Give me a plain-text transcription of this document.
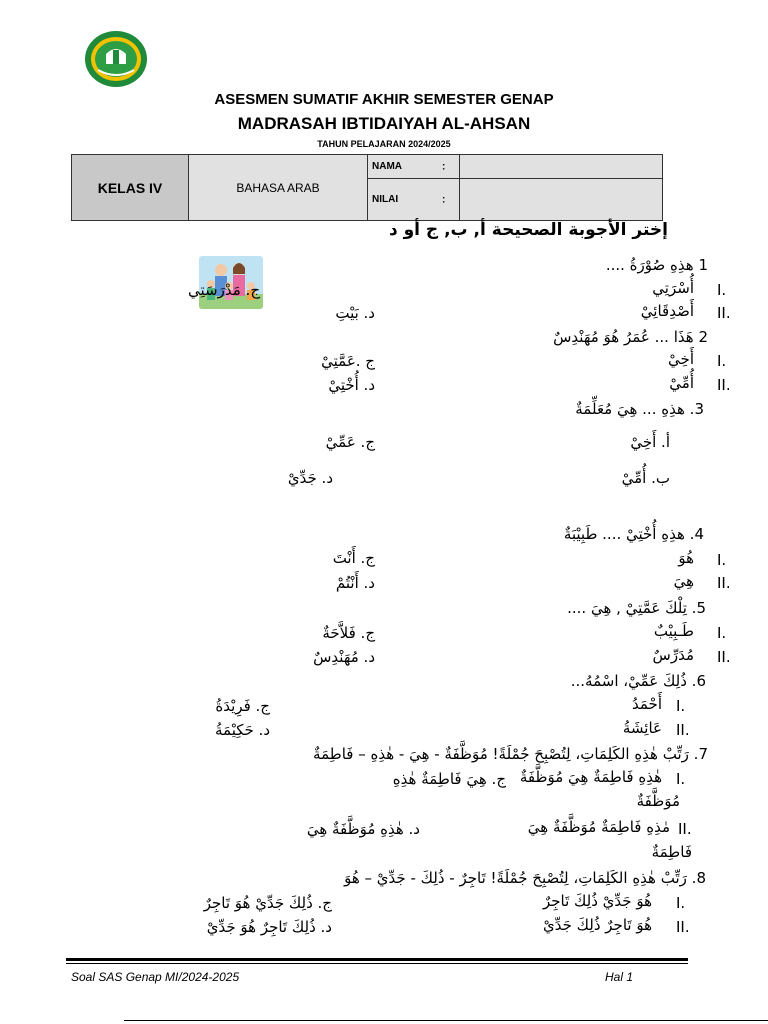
ASESMEN SUMATIF AKHIR SEMESTER GENAP
MADRASAH IBTIDAIYAH AL-AHSAN
TAHUN PELAJARAN 2024/2025
KELAS IV	BAHASA ARAB	NAMA :	

		NILAI :	

إختر الأجوبة الصحيحة أ, ب, ج أو د
1 هذِهِ صُوْرَةُ ....
I.
أُسْرَتِي
ج. مَدْرَسَتِي
II.
أَصْدِقَائِيْ
د. بَيْتِ
2 هَذَا ... عُمَرُ هُوَ مُهَنْدِسٌ
I.
أَخِيْ
ج .عَمَّتِيْ
II.
أُمِّيْ
د. أُخْتِيْ
3. هذِهِ ... هِيَ مُعَلِّمَةٌ
أ. أَخِيْ
ج. عَمِّيْ
ب. أُمِّيْ
د. جَدِّيْ
4. هذِهِ أُخْتِيْ .... طَبِيْبَةٌ
I.
هُوَ
ج. أَنْتَ
II.
هِيَ
د. أَنْتُمْ
5. تِلْكَ عَمَّتِيْ , هِيَ ....
I.
طَـبِيْبٌ
ج. فَلاَّحَةٌ
II.
مُدَرِّسٌ
د. مُهَنْدِسٌ
6. ذُلِكَ عَمِّيْ، اسْمُهُ...
I.
أَحْمَدُ
ج. فَرِيْدَةُ
II.
عَائِشَةُ
د. حَكِيْمَةُ
7. رَتِّبْ هٰذِهِ الكَلِمَاتِ، لِتُصْبِحَ جُمْلَةً! مُوَظَّفَةٌ - هِيَ - هٰذِهِ – فَاطِمَةٌ
I.
هٰذِهِ فَاطِمَةٌ هِيَ مُوَظَّفَةٌ
ج. هِيَ فَاطِمَةٌ هٰذِهِ
مُوَظَّفَةٌ
II.
مٰذِهِ فَاطِمَةٌ مُوَظَّفَةٌ هِيَ
د. هٰذِهِ مُوَظَّفَةٌ هِيَ
فَاطِمَةٌ
8. رَتِّبْ هٰذِهِ الكَلِمَاتِ، لِتُصْبِحَ جُمْلَةً! تَاجِرٌ - ذُلِكَ - جَدِّيْ – هُوَ
I.
هُوَ جَدِّيْ ذُلِكَ تَاجِرٌ
ج. ذُلِكَ جَدِّيْ هُوَ تَاجِرٌ
II.
هُوَ تَاجِرٌ ذُلِكَ جَدِّيْ
د. ذُلِكَ تَاجِرٌ هُوَ جَدِّيْ
Soal SAS Genap MI/2024-2025	Hal 1
